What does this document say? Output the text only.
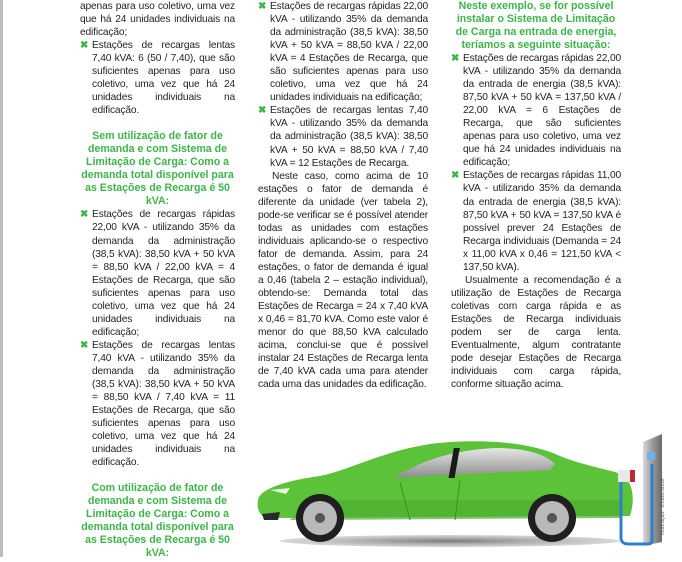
apenas para uso coletivo, uma vez que há 24 unidades individuais na edificação;

✖ Estações de recargas lentas 7,40 kVA: 6 (50 / 7,40), que são suficientes apenas para uso coletivo, uma vez que há 24 unidades individuais na edificação.
Sem utilização de fator de demanda e com Sistema de Limitação de Carga: Como a demanda total disponível para as Estações de Recarga é 50 kVA:
✖ Estações de recargas rápidas 22,00 kVA - utilizando 35% da demanda da administração (38,5 kVA): 38,50 kVA + 50 kVA = 88,50 kVA / 22,00 kVA = 4 Estações de Recarga, que são suficientes apenas para uso coletivo, uma vez que há 24 unidades individuais na edificação;
✖ Estações de recargas lentas 7,40 kVA - utilizando 35% da demanda da administração (38,5 kVA): 38,50 kVA + 50 kVA = 88,50 kVA / 7,40 kVA = 11 Estações de Recarga, que são suficientes apenas para uso coletivo, uma vez que há 24 unidades individuais na edificação.
Com utilização de fator de demanda e com Sistema de Limitação de Carga: Como a demanda total disponível para as Estações de Recarga é 50 kVA:
✖ Estações de recargas rápidas 22,00 kVA - utilizando 35% da demanda da administração (38,5 kVA): 38,50 kVA + 50 kVA = 88,50 kVA / 22,00 kVA = 4 Estações de Recarga, que são suficientes apenas para uso coletivo, uma vez que há 24 unidades individuais na edificação;
✖ Estações de recargas lentas 7,40 kVA - utilizando 35% da demanda da administração (38,5 kVA): 38,50 kVA + 50 kVA = 88,50 kVA / 7,40 kVA = 12 Estações de Recarga.

Neste caso, como acima de 10 estações o fator de demanda é diferente da unidade (ver tabela 2), pode-se verificar se é possível atender todas as unidades com estações individuais aplicando-se o respectivo fator de demanda. Assim, para 24 estações, o fator de demanda é igual a 0,46 (tabela 2 – estação individual), obtendo-se: Demanda total das Estações de Recarga = 24 x 7,40 kVA x 0,46 = 81,70 kVA. Como este valor é menor do que 88,50 kVA calculado acima, conclui-se que é possível instalar 24 Estações de Recarga lenta de 7,40 kVA cada uma para atender cada uma das unidades da edificação.

Neste exemplo, se for possível instalar o Sistema de Limitação de Carga na entrada de energia, teríamos a seguinte situação:
✖ Estações de recargas rápidas 22,00 kVA - utilizando 35% da demanda da entrada de energia (38,5 kVA): 87,50 kVA + 50 kVA = 137,50 kVA / 22,00 kVA = 6 Estações de Recarga, que são suficientes apenas para uso coletivo, uma vez que há 24 unidades individuais na edificação;
✖ Estações de recargas rápidas 11,00 kVA - utilizando 35% da demanda da entrada de energia (38,5 kVA): 87,50 kVA + 50 kVA = 137,50 kVA é possível prever 24 Estações de Recarga individuais (Demanda = 24 x 11,00 kVA x 0,46 = 121,50 kVA < 137,50 kVA).

Usualmente a recomendação é a utilização de Estações de Recarga coletivas com carga rápida e as Estações de Recarga individuais podem ser de carga lenta. Eventualmente, algum contratante pode desejar Estações de Recarga individuais com carga rápida, conforme situação acima.

Ilustração: Shutterstock
